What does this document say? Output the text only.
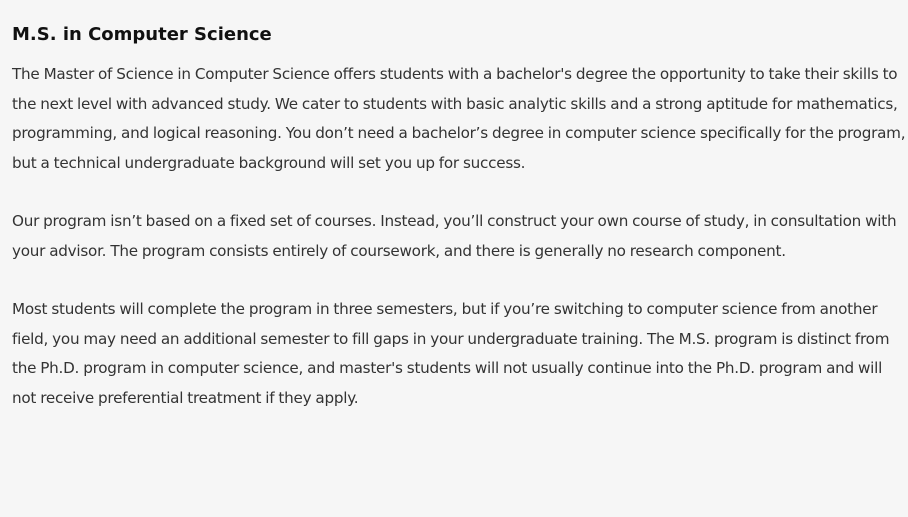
M.S. in Computer Science

The Master of Science in Computer Science offers students with a bachelor's degree the opportunity to take their skills to the next level with advanced study. We cater to students with basic analytic skills and a strong aptitude for mathematics, programming, and logical reasoning. You don’t need a bachelor’s degree in computer science specifically for the program, but a technical undergraduate background will set you up for success.

Our program isn’t based on a fixed set of courses. Instead, you’ll construct your own course of study, in consultation with your advisor. The program consists entirely of coursework, and there is generally no research component.

Most students will complete the program in three semesters, but if you’re switching to computer science from another field, you may need an additional semester to fill gaps in your undergraduate training. The M.S. program is distinct from the Ph.D. program in computer science, and master's students will not usually continue into the Ph.D. program and will not receive preferential treatment if they apply.
